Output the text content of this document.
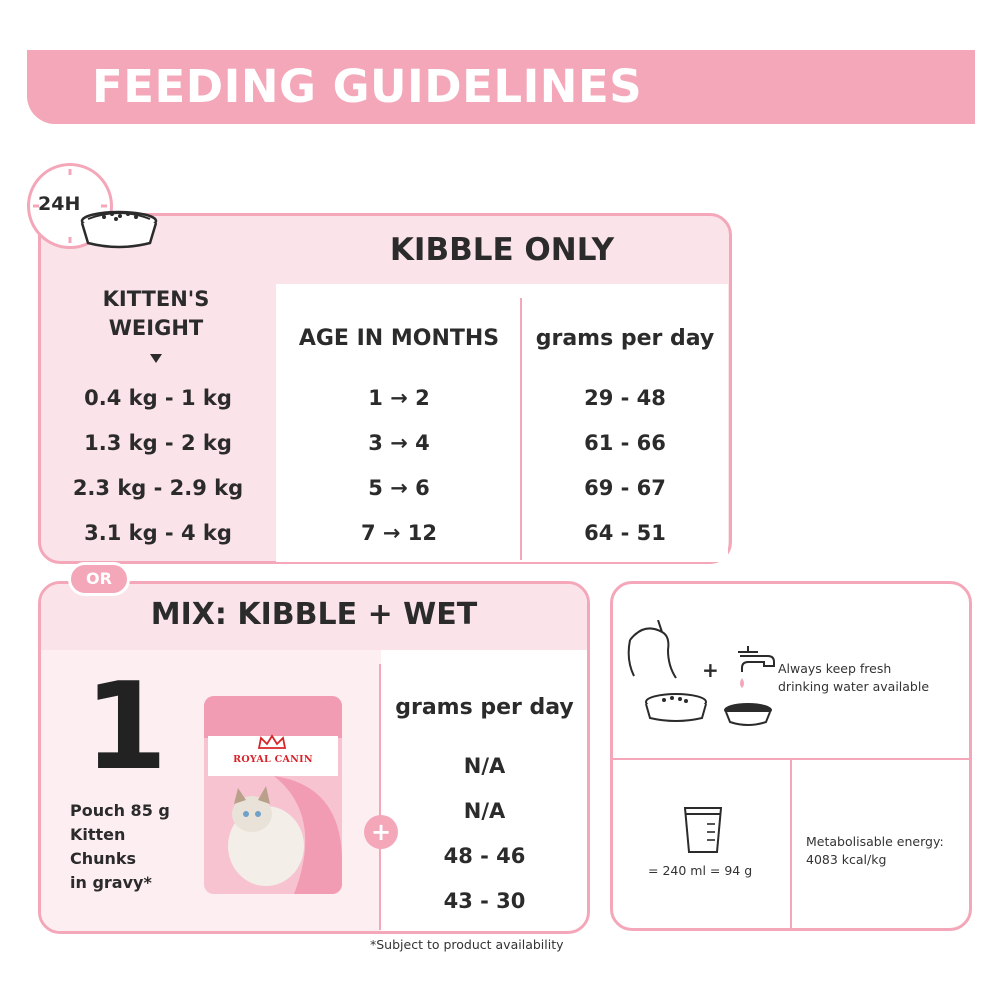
FEEDING GUIDELINES
24H
KIBBLE ONLY
KITTEN'S
WEIGHT	AGE IN MONTHS	grams per day
0.4 kg - 1 kg	1 → 2	29 - 48
1.3 kg - 2 kg	3 → 4	61 - 66
2.3 kg - 2.9 kg	5 → 6	69 - 67
3.1 kg - 4 kg	7 → 12	64 - 51
OR
MIX: KIBBLE + WET
1
Pouch 85 g
Kitten
Chunks
in gravy*
ROYAL CANIN
+
grams per day
N/A
N/A
48 - 46
43 - 30
+	Always keep fresh
drinking water available
= 240 ml = 94 g
Metabolisable energy:
4083 kcal/kg
*Subject to product availability
